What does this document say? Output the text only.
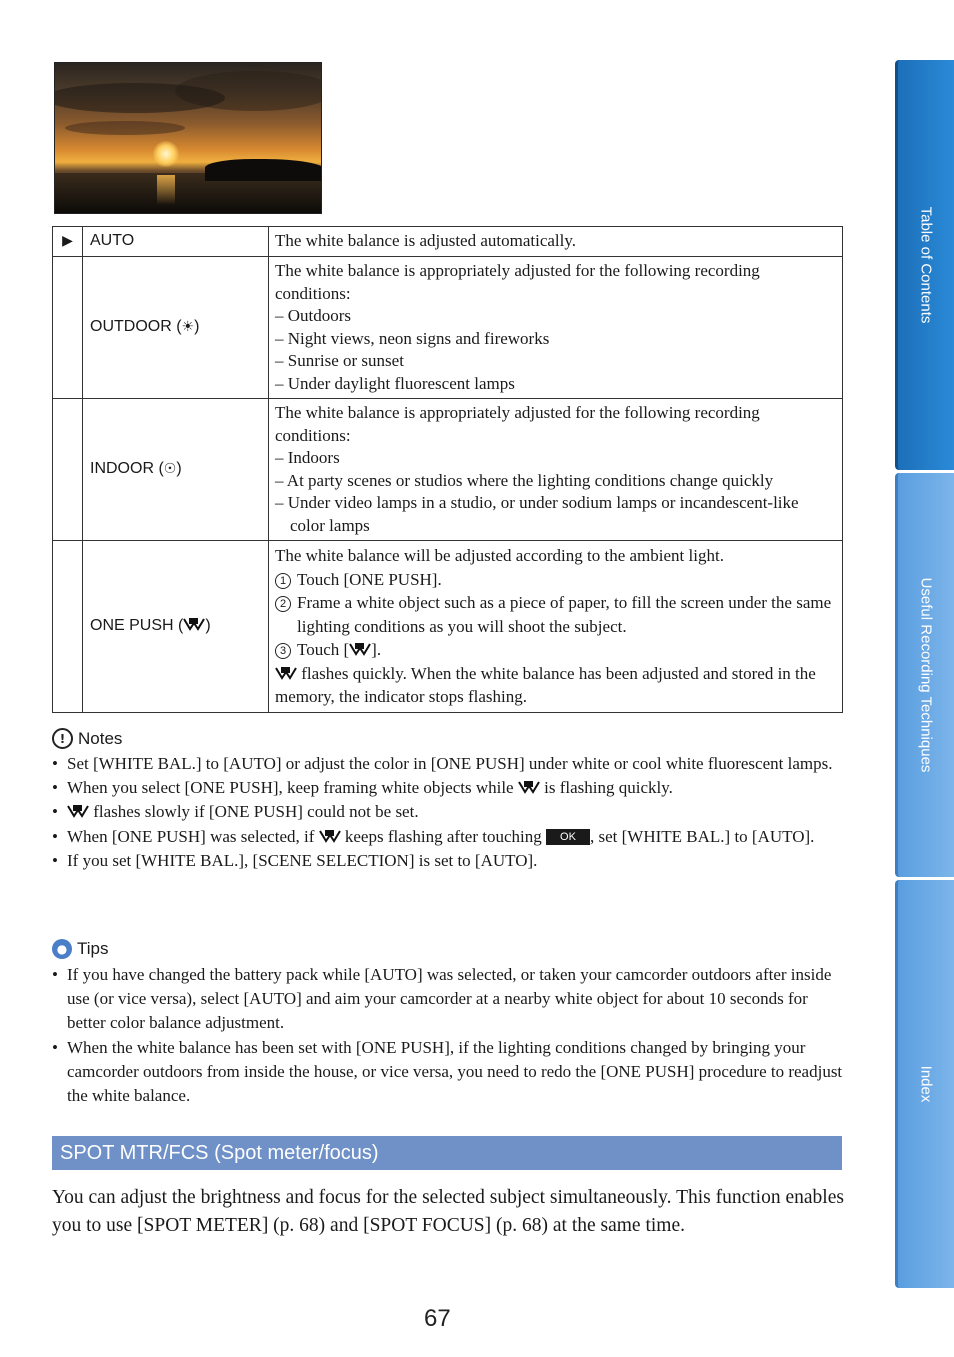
▶	AUTO	The white balance is adjusted automatically.

	OUTDOOR (☀)	The white balance is appropriately adjusted for the following recording conditions:

– Outdoors

– Night views, neon signs and fireworks

– Sunrise or sunset

– Under daylight fluorescent lamps

	INDOOR (☉)	The white balance is appropriately adjusted for the following recording conditions:

– Indoors

– At party scenes or studios where the lighting conditions change quickly

– Under video lamps in a studio, or under sodium lamps or incandescent-like color lamps

	ONE PUSH ( )	The white balance will be adjusted according to the ambient light.

1 Touch [ONE PUSH].

2 Frame a white object such as a piece of paper, to fill the screen under the same lighting conditions as you will shoot the subject.

3 Touch [ ].

flashes quickly. When the white balance has been adjusted and stored in the memory, the indicator stops flashing.

! Notes
• Set [WHITE BAL.] to [AUTO] or adjust the color in [ONE PUSH] under white or cool white fluorescent lamps.
• When you select [ONE PUSH], keep framing white objects while  is flashing quickly.
• flashes slowly if [ONE PUSH] could not be set.
• When [ONE PUSH] was selected, if  keeps flashing after touching OK , set [WHITE BAL.] to [AUTO].
• If you set [WHITE BAL.], [SCENE SELECTION] is set to [AUTO].
● Tips
• If you have changed the battery pack while [AUTO] was selected, or taken your camcorder outdoors after inside use (or vice versa), select [AUTO] and aim your camcorder at a nearby white object for about 10 seconds for better color balance adjustment.
• When the white balance has been set with [ONE PUSH], if the lighting conditions changed by bringing your camcorder outdoors from inside the house, or vice versa, you need to redo the [ONE PUSH] procedure to readjust the white balance.
SPOT MTR/FCS (Spot meter/focus)

You can adjust the brightness and focus for the selected subject simultaneously. This function enables you to use [SPOT METER] (p. 68) and [SPOT FOCUS] (p. 68) at the same time.

67
Table of Contents
Useful Recording Techniques
Index
